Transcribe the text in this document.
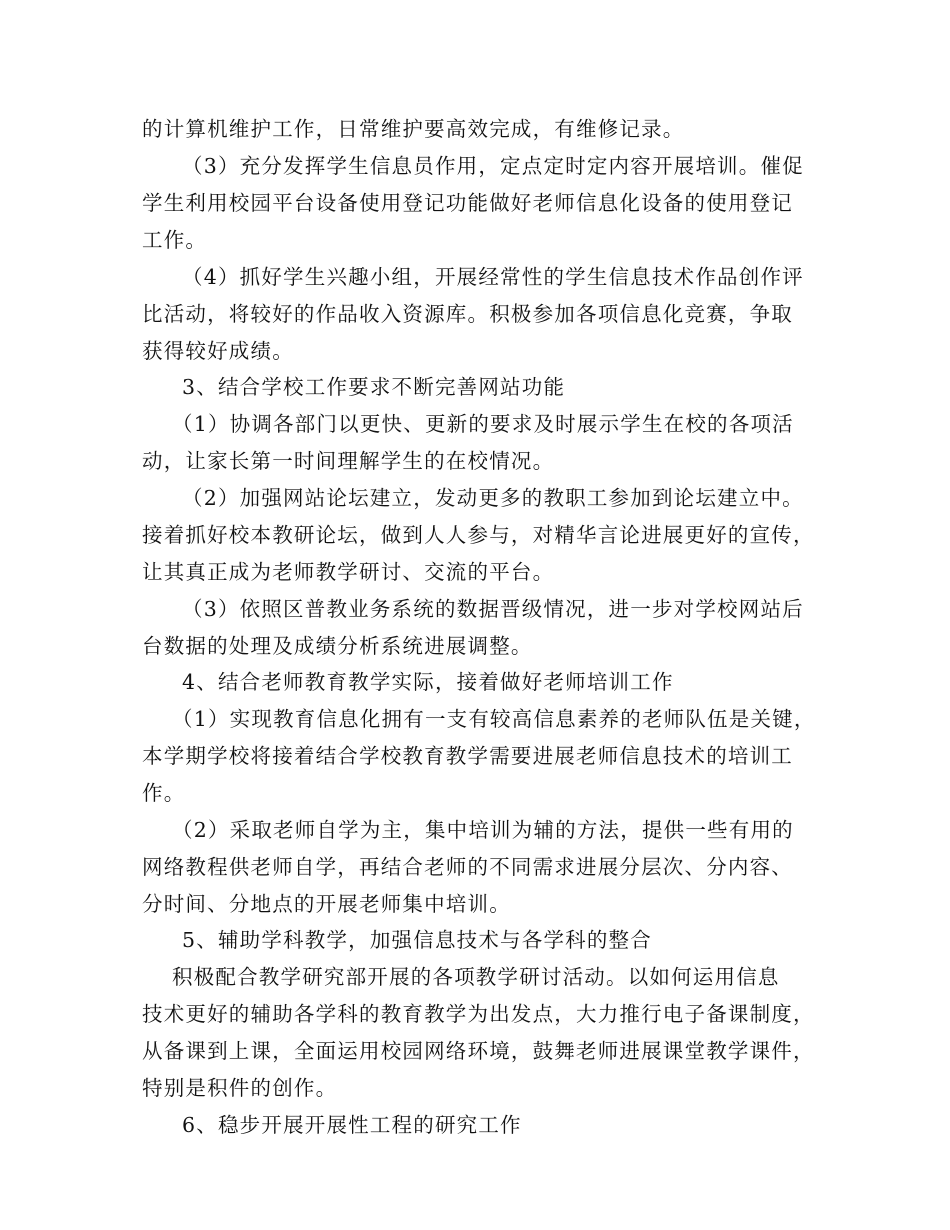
的计算机维护工作，日常维护要高效完成，有维修记录。
（3）充分发挥学生信息员作用，定点定时定内容开展培训。催促
学生利用校园平台设备使用登记功能做好老师信息化设备的使用登记
工作。
（4）抓好学生兴趣小组，开展经常性的学生信息技术作品创作评
比活动，将较好的作品收入资源库。积极参加各项信息化竞赛，争取
获得较好成绩。
3、结合学校工作要求不断完善网站功能
（1）协调各部门以更快、更新的要求及时展示学生在校的各项活
动，让家长第一时间理解学生的在校情况。
（2）加强网站论坛建立，发动更多的教职工参加到论坛建立中。
接着抓好校本教研论坛，做到人人参与，对精华言论进展更好的宣传，
让其真正成为老师教学研讨、交流的平台。
（3）依照区普教业务系统的数据晋级情况，进一步对学校网站后
台数据的处理及成绩分析系统进展调整。
4、结合老师教育教学实际，接着做好老师培训工作
（1）实现教育信息化拥有一支有较高信息素养的老师队伍是关键，
本学期学校将接着结合学校教育教学需要进展老师信息技术的培训工
作。
（2）采取老师自学为主，集中培训为辅的方法，提供一些有用的
网络教程供老师自学，再结合老师的不同需求进展分层次、分内容、
分时间、分地点的开展老师集中培训。
5、辅助学科教学，加强信息技术与各学科的整合
积极配合教学研究部开展的各项教学研讨活动。以如何运用信息
技术更好的辅助各学科的教育教学为出发点，大力推行电子备课制度，
从备课到上课，全面运用校园网络环境，鼓舞老师进展课堂教学课件，
特别是积件的创作。
6、稳步开展开展性工程的研究工作
